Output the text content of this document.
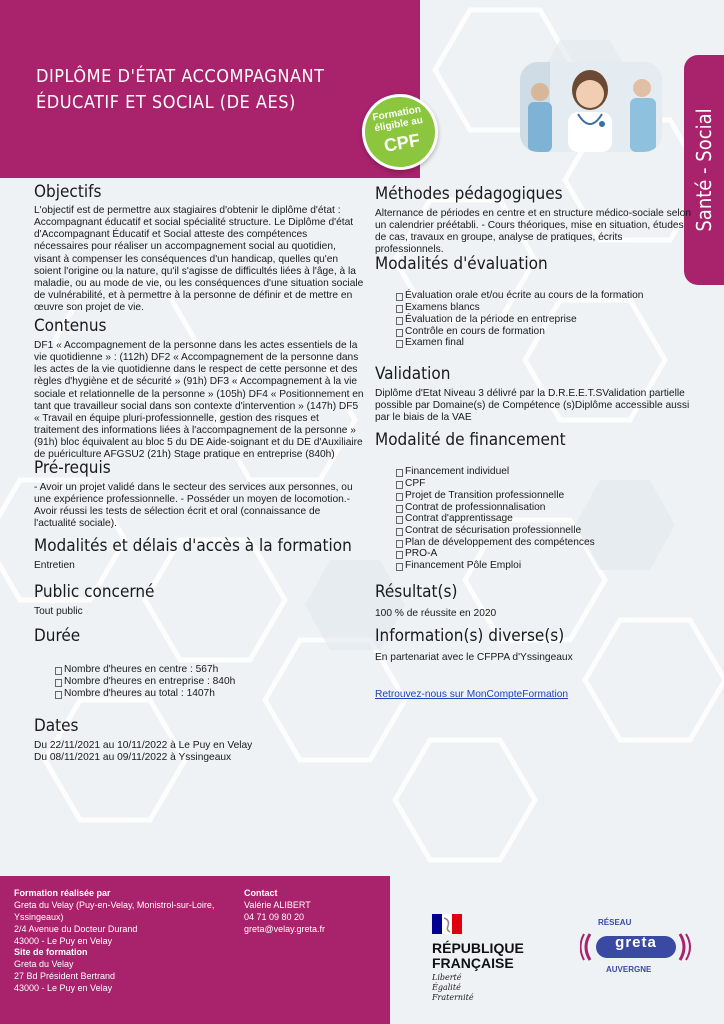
DIPLÔME D'ÉTAT ACCOMPAGNANT ÉDUCATIF ET SOCIAL (DE AES)
Formation éligible au
CPF	Santé - Social
Objectifs

L'objectif est de permettre aux stagiaires d'obtenir le diplôme d'état : Accompagnant éducatif et social spécialité structure. Le Diplôme d'état d'Accompagnant Éducatif et Social atteste des compétences nécessaires pour réaliser un accompagnement social au quotidien, visant à compenser les conséquences d'un handicap, quelles qu'en soient l'origine ou la nature, qu'il s'agisse de difficultés liées à l'âge, à la maladie, ou au mode de vie, ou les conséquences d'une situation sociale de vulnérabilité, et à permettre à la personne de définir et de mettre en œuvre son projet de vie.

Contenus

DF1 « Accompagnement de la personne dans les actes essentiels de la vie quotidienne » : (112h) DF2 « Accompagnement de la personne dans les actes de la vie quotidienne dans le respect de cette personne et des règles d'hygiène et de sécurité » (91h) DF3 « Accompagnement à la vie sociale et relationnelle de la personne » (105h) DF4 « Positionnement en tant que travailleur social dans son contexte d'intervention » (147h) DF5 « Travail en équipe pluri-professionnelle, gestion des risques et traitement des informations liées à l'accompagnement de la personne » (91h) bloc équivalent au bloc 5 du DE Aide-soignant et du DE d'Auxiliaire de puériculture AFGSU2 (21h) Stage pratique en entreprise (840h)

Pré-requis

- Avoir un projet validé dans le secteur des services aux personnes, ou une expérience professionnelle. - Posséder un moyen de locomotion.- Avoir réussi les tests de sélection écrit et oral (connaissance de l'actualité sociale).

Modalités et délais d'accès à la formation

Entretien

Public concerné

Tout public

Durée
Nombre d'heures en centre : 567h
Nombre d'heures en entreprise : 840h
Nombre d'heures au total : 1407h
Dates

Du 22/11/2021 au 10/11/2022 à Le Puy en Velay

Du 08/11/2021 au 09/11/2022 à Yssingeaux

Méthodes pédagogiques

Alternance de périodes en centre et en structure médico-sociale selon un calendrier préétabli. - Cours théoriques, mise en situation, études de cas, travaux en groupe, analyse de pratiques, écrits professionnels.

Modalités d'évaluation
Évaluation orale et/ou écrite au cours de la formation
Examens blancs
Évaluation de la période en entreprise
Contrôle en cours de formation
Examen final
Validation

Diplôme d'Etat Niveau 3 délivré par la D.R.E.E.T.SValidation partielle possible par Domaine(s) de Compétence (s)Diplôme accessible aussi par le biais de la VAE

Modalité de financement
Financement individuel
CPF
Projet de Transition professionnelle
Contrat de professionnalisation
Contrat d'apprentissage
Contrat de sécurisation professionnelle
Plan de développement des compétences
PRO-A
Financement Pôle Emploi
Résultat(s)

100 % de réussite en 2020

Information(s) diverse(s)

En partenariat avec le CFPPA d'Yssingeaux

Retrouvez-nous sur MonCompteFormation
Formation réalisée par
Greta du Velay (Puy-en-Velay, Monistrol-sur-Loire,
Yssingeaux)
2/4 Avenue du Docteur Durand
43000 - Le Puy en Velay
Site de formation
Greta du Velay
27 Bd Président Bertrand
43000 - Le Puy en Velay
Contact
Valérie ALIBERT
04 71 09 80 20
greta@velay.greta.fr
RÉPUBLIQUE
FRANÇAISE
Liberté
Égalité
Fraternité
RÉSEAU
greta
AUVERGNE
